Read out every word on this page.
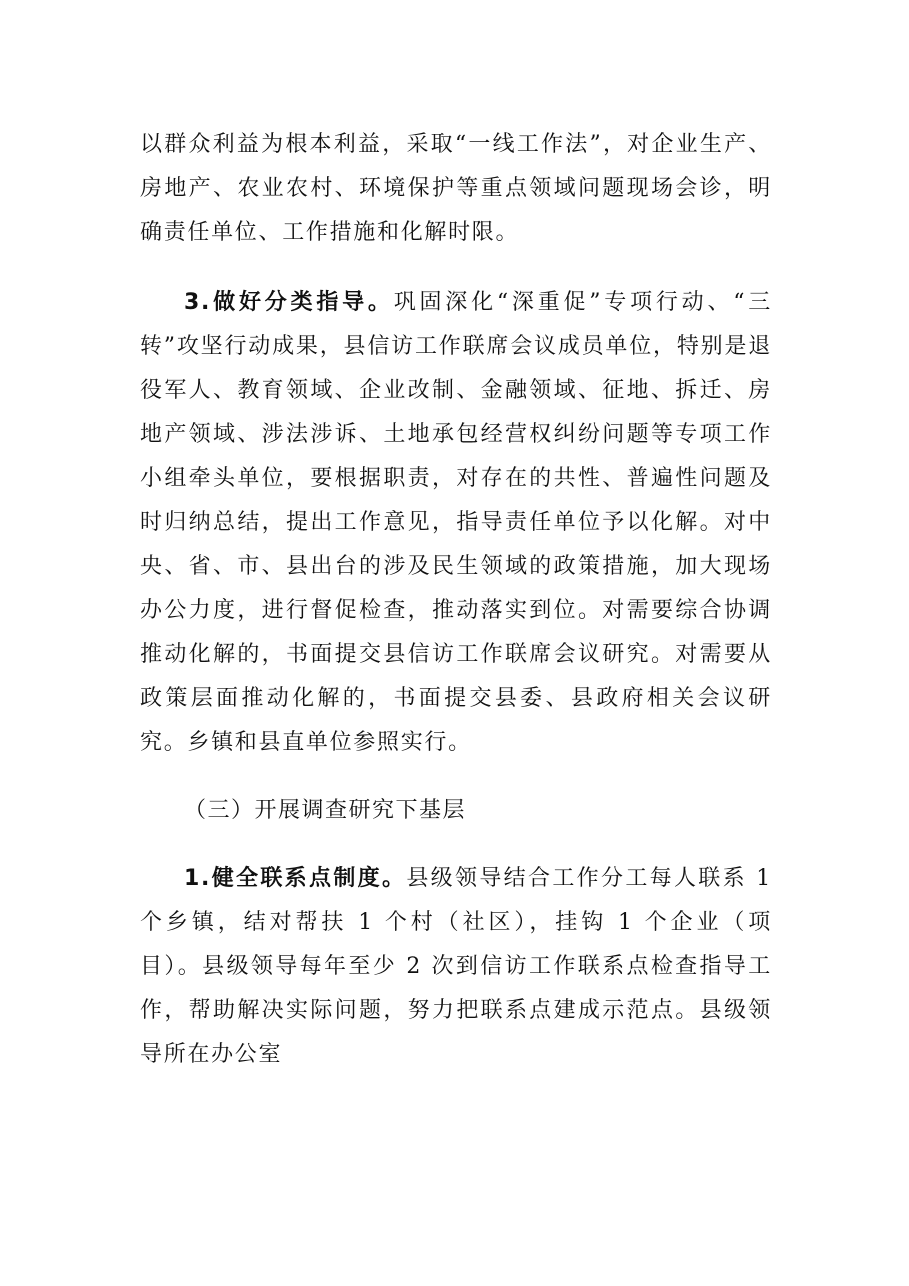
以群众利益为根本利益，采取“一线工作法”，对企业生产、房地产、农业农村、环境保护等重点领域问题现场会诊，明确责任单位、工作措施和化解时限。

3.做好分类指导。巩固深化“深重促”专项行动、“三转”攻坚行动成果，县信访工作联席会议成员单位，特别是退役军人、教育领域、企业改制、金融领域、征地、拆迁、房地产领域、涉法涉诉、土地承包经营权纠纷问题等专项工作小组牵头单位，要根据职责，对存在的共性、普遍性问题及时归纳总结，提出工作意见，指导责任单位予以化解。对中央、省、市、县出台的涉及民生领域的政策措施，加大现场办公力度，进行督促检查，推动落实到位。对需要综合协调推动化解的，书面提交县信访工作联席会议研究。对需要从政策层面推动化解的，书面提交县委、县政府相关会议研究。乡镇和县直单位参照实行。

（三）开展调查研究下基层

1.健全联系点制度。县级领导结合工作分工每人联系 1 个乡镇，结对帮扶 1 个村（社区），挂钩 1 个企业（项目）。县级领导每年至少 2 次到信访工作联系点检查指导工作，帮助解决实际问题，努力把联系点建成示范点。县级领导所在办公室
